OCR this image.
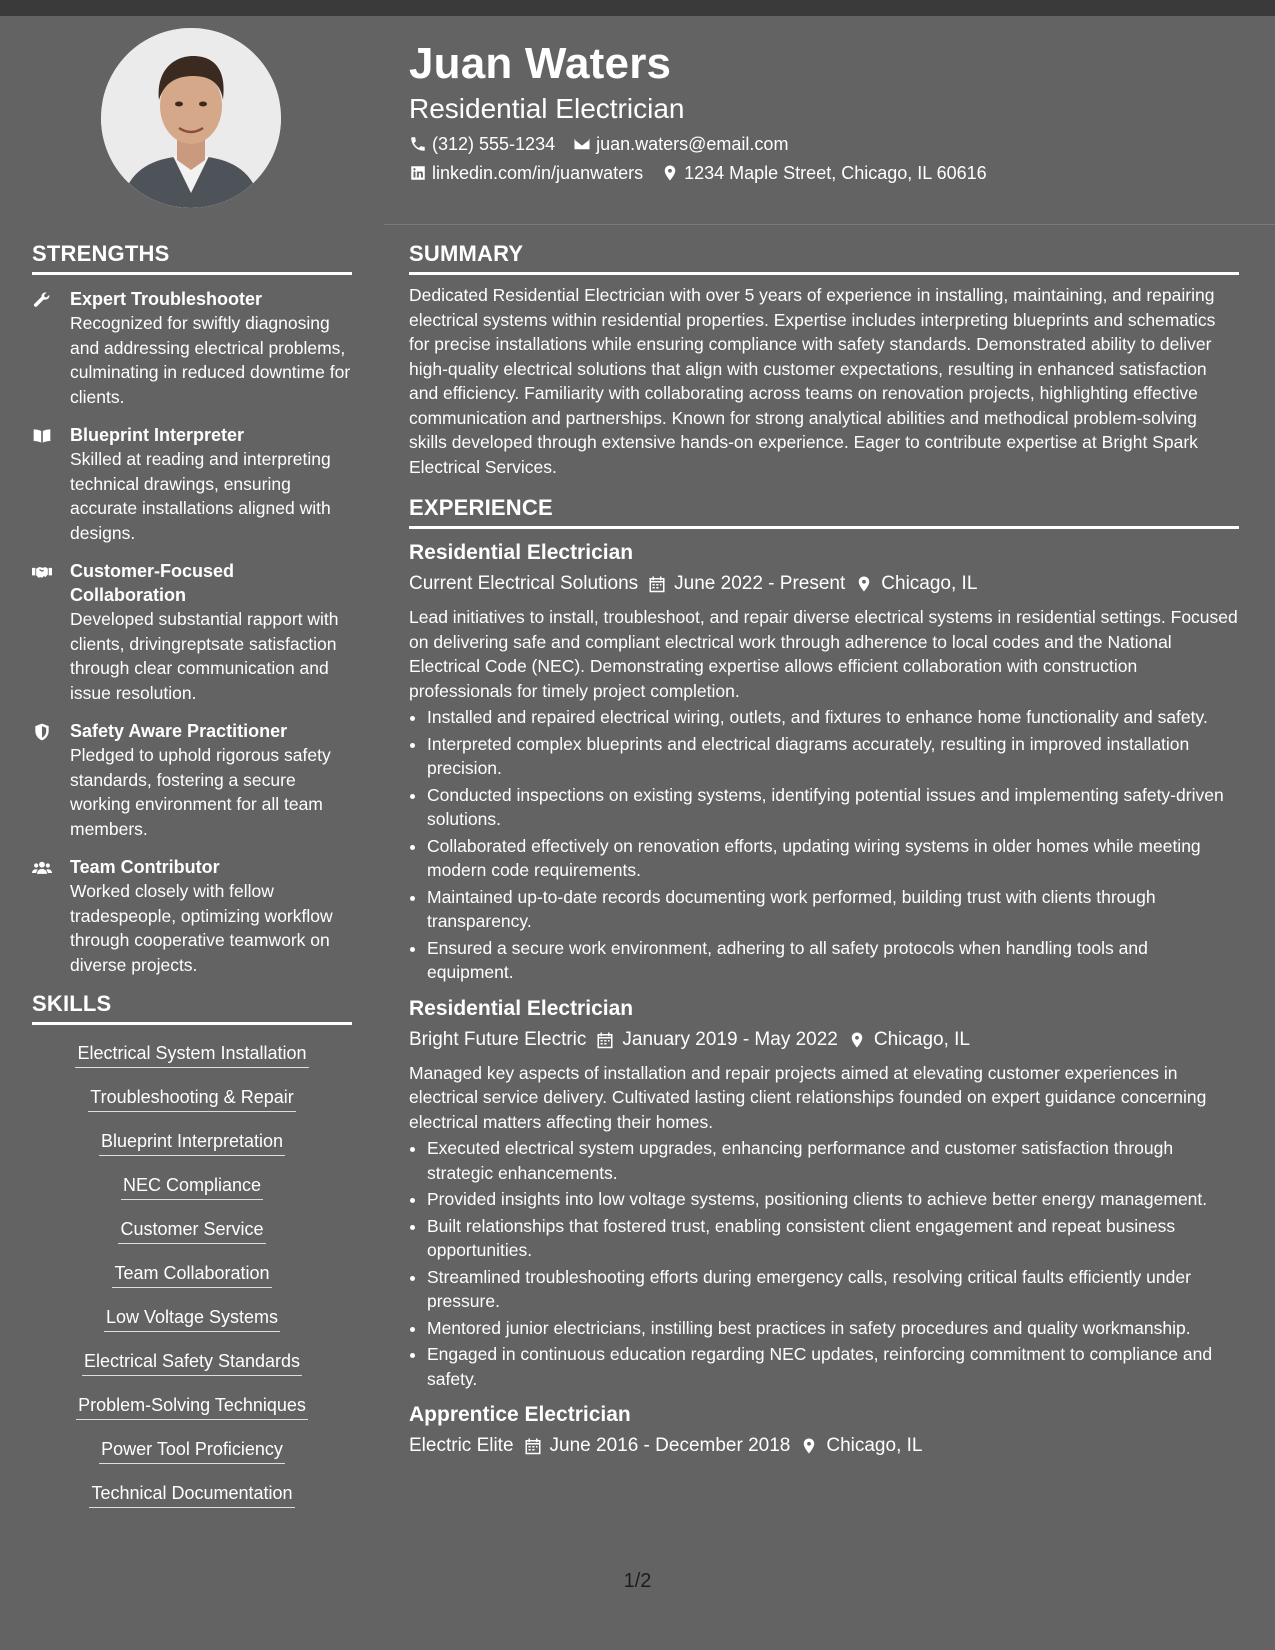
Juan Waters
Residential Electrician
(312) 555-1234 juan.waters@email.com
linkedin.com/in/juanwaters 1234 Maple Street, Chicago, IL 60616
STRENGTHS
Expert Troubleshooter
Recognized for swiftly diagnosing and addressing electrical problems, culminating in reduced downtime for clients.
Blueprint Interpreter
Skilled at reading and interpreting technical drawings, ensuring accurate installations aligned with designs.
Customer-Focused Collaboration
Developed substantial rapport with clients, drivingreptsate satisfaction through clear communication and issue resolution.
Safety Aware Practitioner
Pledged to uphold rigorous safety standards, fostering a secure working environment for all team members.
Team Contributor
Worked closely with fellow tradespeople, optimizing workflow through cooperative teamwork on diverse projects.
SKILLS
Electrical System Installation
Troubleshooting & Repair
Blueprint Interpretation
NEC Compliance
Customer Service
Team Collaboration
Low Voltage Systems
Electrical Safety Standards
Problem-Solving Techniques
Power Tool Proficiency
Technical Documentation
SUMMARY
Dedicated Residential Electrician with over 5 years of experience in installing, maintaining, and repairing electrical systems within residential properties. Expertise includes interpreting blueprints and schematics for precise installations while ensuring compliance with safety standards. Demonstrated ability to deliver high-quality electrical solutions that align with customer expectations, resulting in enhanced satisfaction and efficiency. Familiarity with collaborating across teams on renovation projects, highlighting effective communication and partnerships. Known for strong analytical abilities and methodical problem-solving skills developed through extensive hands-on experience. Eager to contribute expertise at Bright Spark Electrical Services.
EXPERIENCE
Residential Electrician
Current Electrical Solutions June 2022 - Present Chicago, IL
Lead initiatives to install, troubleshoot, and repair diverse electrical systems in residential settings. Focused on delivering safe and compliant electrical work through adherence to local codes and the National Electrical Code (NEC). Demonstrating expertise allows efficient collaboration with construction professionals for timely project completion.
• Installed and repaired electrical wiring, outlets, and fixtures to enhance home functionality and safety.
• Interpreted complex blueprints and electrical diagrams accurately, resulting in improved installation precision.
• Conducted inspections on existing systems, identifying potential issues and implementing safety-driven solutions.
• Collaborated effectively on renovation efforts, updating wiring systems in older homes while meeting modern code requirements.
• Maintained up-to-date records documenting work performed, building trust with clients through transparency.
• Ensured a secure work environment, adhering to all safety protocols when handling tools and equipment.
Residential Electrician
Bright Future Electric January 2019 - May 2022 Chicago, IL
Managed key aspects of installation and repair projects aimed at elevating customer experiences in electrical service delivery. Cultivated lasting client relationships founded on expert guidance concerning electrical matters affecting their homes.
• Executed electrical system upgrades, enhancing performance and customer satisfaction through strategic enhancements.
• Provided insights into low voltage systems, positioning clients to achieve better energy management.
• Built relationships that fostered trust, enabling consistent client engagement and repeat business opportunities.
• Streamlined troubleshooting efforts during emergency calls, resolving critical faults efficiently under pressure.
• Mentored junior electricians, instilling best practices in safety procedures and quality workmanship.
• Engaged in continuous education regarding NEC updates, reinforcing commitment to compliance and safety.
Apprentice Electrician
Electric Elite June 2016 - December 2018 Chicago, IL
1/2
